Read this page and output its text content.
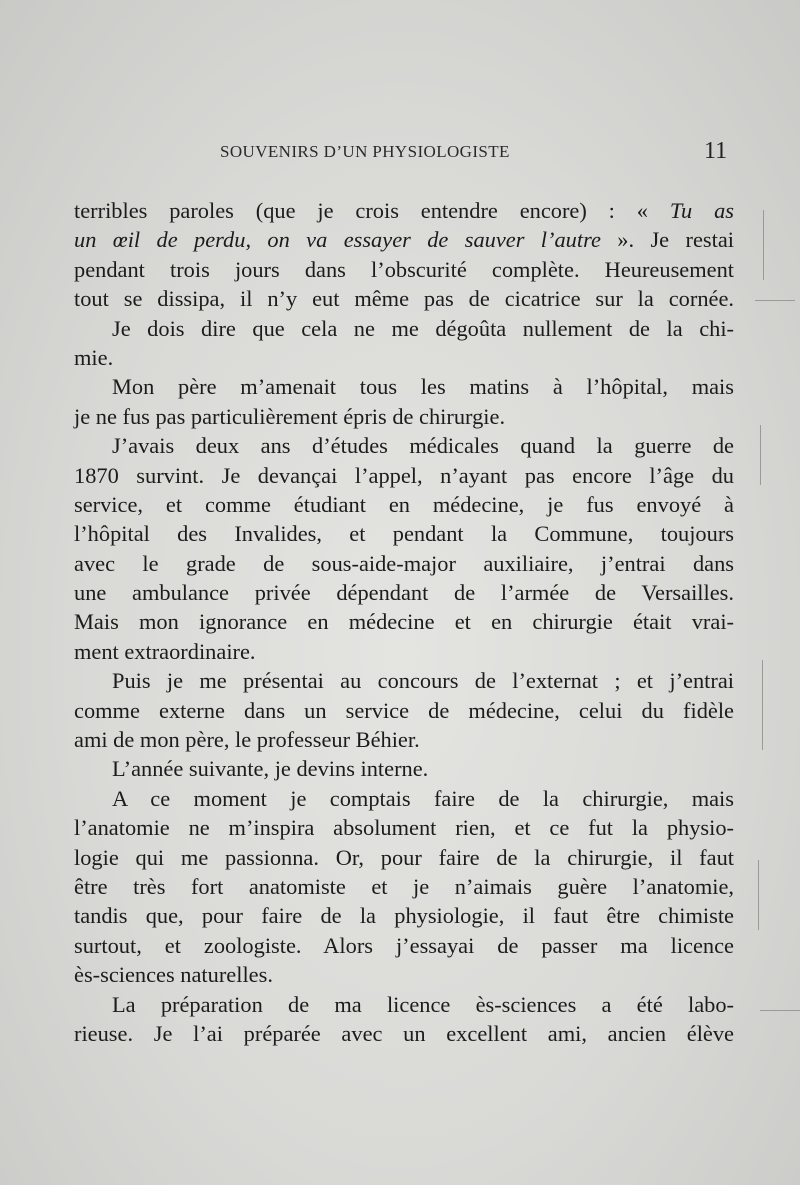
SOUVENIRS D’UN PHYSIOLOGISTE	11
terribles paroles (que je crois entendre encore) : « Tu as
un œil de perdu, on va essayer de sauver l’autre ». Je restai
pendant trois jours dans l’obscurité complète. Heureusement
tout se dissipa, il n’y eut même pas de cicatrice sur la cornée.
Je dois dire que cela ne me dégoûta nullement de la chi-
mie.
Mon père m’amenait tous les matins à l’hôpital, mais
je ne fus pas particulièrement épris de chirurgie.
J’avais deux ans d’études médicales quand la guerre de
1870 survint. Je devançai l’appel, n’ayant pas encore l’âge du
service, et comme étudiant en médecine, je fus envoyé à
l’hôpital des Invalides, et pendant la Commune, toujours
avec le grade de sous-aide-major auxiliaire, j’entrai dans
une ambulance privée dépendant de l’armée de Versailles.
Mais mon ignorance en médecine et en chirurgie était vrai-
ment extraordinaire.
Puis je me présentai au concours de l’externat ; et j’entrai
comme externe dans un service de médecine, celui du fidèle
ami de mon père, le professeur Béhier.
L’année suivante, je devins interne.
A ce moment je comptais faire de la chirurgie, mais
l’anatomie ne m’inspira absolument rien, et ce fut la physio-
logie qui me passionna. Or, pour faire de la chirurgie, il faut
être très fort anatomiste et je n’aimais guère l’anatomie,
tandis que, pour faire de la physiologie, il faut être chimiste
surtout, et zoologiste. Alors j’essayai de passer ma licence
ès-sciences naturelles.
La préparation de ma licence ès-sciences a été labo-
rieuse. Je l’ai préparée avec un excellent ami, ancien élève
